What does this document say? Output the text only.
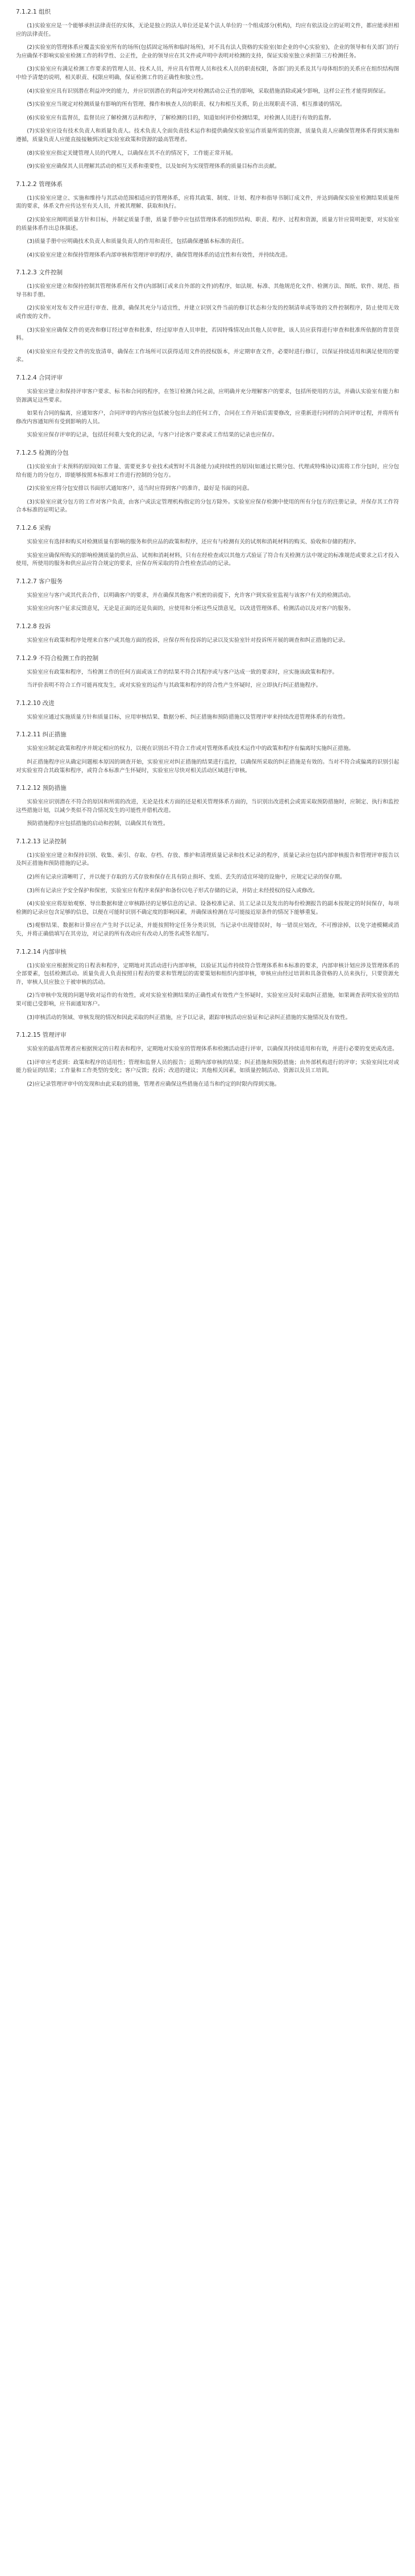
7.1.2.1 组织

(1)实验室应是一个能够承担法律责任的实体，无论是独立的法人单位还是某个法人单位的一个组成部分(机构)，均应有依法设立的证明文件，都应能承担相应的法律责任。

(2)实验室的管理体系应覆盖实验室所有的场所(包括固定场所和临时场所)，对不具有法人资格的实验室(如企业的中心实验室)，企业的领导和有关部门的行为应确保不影响实验室检测工作的科学性、公正性，企业的领导应在其文件或声明中表明对检测的支持，保证实验室独立承担第三方检测任务。

(3)实验室应有满足检测工作要求的管理人员、技术人员，并应具有管理人员和技术人员的职责权限，各部门的关系及其与母体组织的关系应在组织结构图中给予清楚的说明，相关职责、权限应明确，保证检测工作的正确性和独立性。

(4)实验室应具有识别潜在利益冲突的能力，并应识别潜在的利益冲突对检测活动公正性的影响，采取措施消除或减少影响，这样公正性才能得到保证。

(5)实验室应当规定对检测质量有影响的所有管理、操作和核查人员的职责、权力和相互关系，防止出现职责不清、相互推诿的情况。

(6)实验室应有监督员，监督员应了解检测方法和程序，了解检测的目的，知道如何评价检测结果，对检测人员进行有效的监督。

(7)实验室应设有技术负责人和质量负责人。技术负责人全面负责技术运作和提供确保实验室运作质量所需的资源，质量负责人应确保管理体系得到实施和遵循，质量负责人应能直接接触到决定实验室政策和资源的最高管理者。

(8)实验室应指定关键管理人员的代理人，以确保在其不在的情况下，工作能正常开展。

(9)实验室应确保其人员理解其活动的相互关系和重要性，以及如何为实现管理体系的质量目标作出贡献。

7.1.2.2 管理体系

(1)实验室应建立、实施和维持与其活动范围相适应的管理体系，应将其政策、制度、计划、程序和指导书制订成文件，并达到确保实验室检测结果质量所需的要求，体系文件应传达至有关人员，并被其理解、获取和执行。

(2)实验室应阐明质量方针和目标，并制定质量手册，质量手册中应包括管理体系的组织结构、职责、程序、过程和资源，质量方针应简明扼要，对实验室的质量体系作出总体描述。

(3)质量手册中应明确技术负责人和质量负责人的作用和责任，包括确保遵循本标准的责任。

(4)实验室应建立和保持管理体系内部审核和管理评审的程序，确保管理体系的适宜性和有效性，并持续改进。

7.1.2.3 文件控制

(1)实验室应建立和保持控制其管理体系所有文件(内部制订或来自外部的文件)的程序，如法规、标准、其他规范化文件、检测方法、图纸、软件、规范、指导书和手册。

(2)实验室对发布文件应进行审查、批准，确保其充分与适宜性，并建立识别文件当前的修订状态和分发的控制清单或等效的文件控制程序，防止使用无效或作废的文件。

(3)实验室应确保文件的更改和修订经过审查和批准，经过原审查人员审批，若因特殊情况由其他人员审批，该人员应获得进行审查和批准所依据的背景资料。

(4)实验室应有受控文件的发放清单，确保在工作场所可以获得适用文件的授权版本，并定期审查文件，必要时进行修订，以保证持续适用和满足使用的要求。

7.1.2.4 合同评审

实验室应建立和保持评审客户要求、标书和合同的程序，在签订检测合同之前，应明确并充分理解客户的要求，包括所使用的方法，并确认实验室有能力和资源满足这些要求。

如果有合同的偏离，应通知客户，合同评审的内容应包括被分包出去的任何工作，合同在工作开始后需要修改，应重新进行同样的合同评审过程，并将所有修改内容通知所有受到影响的人员。

实验室应保存评审的记录，包括任何重大变化的记录，与客户讨论客户要求或工作结果的记录也应保存。

7.1.2.5 检测的分包

(1)实验室由于未预料的原因(如工作量、需要更多专业技术或暂时不具备能力)或持续性的原因(如通过长期分包、代理或特殊协议)需将工作分包时，应分包给有能力的分包方，即能够按照本标准对工作进行控制的分包方。

(2)实验室应将分包安排以书面形式通知客户，适当时应得到客户的准许，最好是书面的同意。

(3)实验室应就分包方的工作对客户负责，由客户或法定管理机构指定的分包方除外。实验室应保存检测中使用的所有分包方的注册记录，并保存其工作符合本标准的证明记录。

7.1.2.6 采购

实验室应有选择和购买对检测质量有影响的服务和供应品的政策和程序，还应有与检测有关的试剂和消耗材料的购买、验收和存储的程序。

实验室应确保所购买的影响检测质量的供应品、试剂和消耗材料，只有在经检查或以其他方式验证了符合有关检测方法中规定的标准规范或要求之后才投入使用，所使用的服务和供应品应符合规定的要求，应保存所采取的符合性检查活动的记录。

7.1.2.7 客户服务

实验室应与客户或其代表合作，以明确客户的要求，并在确保其他客户机密的前提下，允许客户到实验室监视与该客户有关的检测活动。

实验室应向客户征求反馈意见，无论是正面的还是负面的，应使用和分析这些反馈意见，以改进管理体系、检测活动以及对客户的服务。

7.1.2.8 投诉

实验室应有政策和程序处理来自客户或其他方面的投诉，应保存所有投诉的记录以及实验室针对投诉所开展的调查和纠正措施的记录。

7.1.2.9 不符合检测工作的控制

实验室应有政策和程序，当检测工作的任何方面或该工作的结果不符合其程序或与客户达成一致的要求时，应实施该政策和程序。

当评价表明不符合工作可能再度发生，或对实验室的运作与其政策和程序的符合性产生怀疑时，应立即执行纠正措施程序。

7.1.2.10 改进

实验室应通过实施质量方针和质量目标，应用审核结果、数据分析、纠正措施和预防措施以及管理评审来持续改进管理体系的有效性。

7.1.2.11 纠正措施

实验室应制定政策和程序并规定相应的权力，以便在识别出不符合工作或对管理体系或技术运作中的政策和程序有偏离时实施纠正措施。

纠正措施程序应从确定问题根本原因的调查开始，实验室应对纠正措施的结果进行监控，以确保所采取的纠正措施是有效的。当对不符合或偏离的识别引起对实验室符合其政策和程序，或符合本标准产生怀疑时，实验室应尽快对相关活动区域进行审核。

7.1.2.12 预防措施

实验室应识别潜在不符合的原因和所需的改进，无论是技术方面的还是相关管理体系方面的，当识别出改进机会或需采取预防措施时，应制定、执行和监控这些措施计划，以减少类似不符合情况发生的可能性并借机改进。

预防措施程序应包括措施的启动和控制，以确保其有效性。

7.1.2.13 记录控制

(1)实验室应建立和保持识别、收集、索引、存取、存档、存放、维护和清理质量记录和技术记录的程序，质量记录应包括内部审核报告和管理评审报告以及纠正措施和预防措施的记录。

(2)所有记录应清晰明了，并以便于存取的方式存放和保存在具有防止损坏、变质、丢失的适宜环境的设施中，应规定记录的保存期。

(3)所有记录应予安全保护和保密，实验室应有程序来保护和备份以电子形式存储的记录，并防止未经授权的侵入或修改。

(4)实验室应将原始观察、导出数据和建立审核路径的足够信息的记录、设备校准记录、员工记录以及发出的每份检测报告的副本按规定的时间保存，每项检测的记录应包含足够的信息，以便在可能时识别不确定度的影响因素，并确保该检测在尽可能接近原条件的情况下能够重复。

(5)观察结果、数据和计算应在产生时予以记录，并能按照特定任务分类识别，当记录中出现错误时，每一错误应划改，不可擦涂掉，以免字迹模糊或消失，并将正确值填写在其旁边，对记录的所有改动应有改动人的签名或签名缩写。

7.1.2.14 内部审核

(1)实验室应根据预定的日程表和程序，定期地对其活动进行内部审核，以验证其运作持续符合管理体系和本标准的要求，内部审核计划应涉及管理体系的全部要素，包括检测活动。质量负责人负责按照日程表的要求和管理层的需要策划和组织内部审核，审核应由经过培训和具备资格的人员来执行，只要资源允许，审核人员应独立于被审核的活动。

(2)当审核中发现的问题导致对运作的有效性，或对实验室检测结果的正确性或有效性产生怀疑时，实验室应及时采取纠正措施，如果调查表明实验室的结果可能已受影响，应书面通知客户。

(3)审核活动的领域、审核发现的情况和因此采取的纠正措施，应予以记录，跟踪审核活动应验证和记录纠正措施的实施情况及有效性。

7.1.2.15 管理评审

实验室的最高管理者应根据预定的日程表和程序，定期地对实验室的管理体系和检测活动进行评审，以确保其持续适用和有效，并进行必要的变更或改进。

(1)评审应考虑到：政策和程序的适用性；管理和监督人员的报告；近期内部审核的结果；纠正措施和预防措施；由外部机构进行的评审；实验室间比对或能力验证的结果；工作量和工作类型的变化；客户反馈；投诉；改进的建议；其他相关因素，如质量控制活动、资源以及员工培训。

(2)应记录管理评审中的发现和由此采取的措施，管理者应确保这些措施在适当和约定的时限内得到实施。
